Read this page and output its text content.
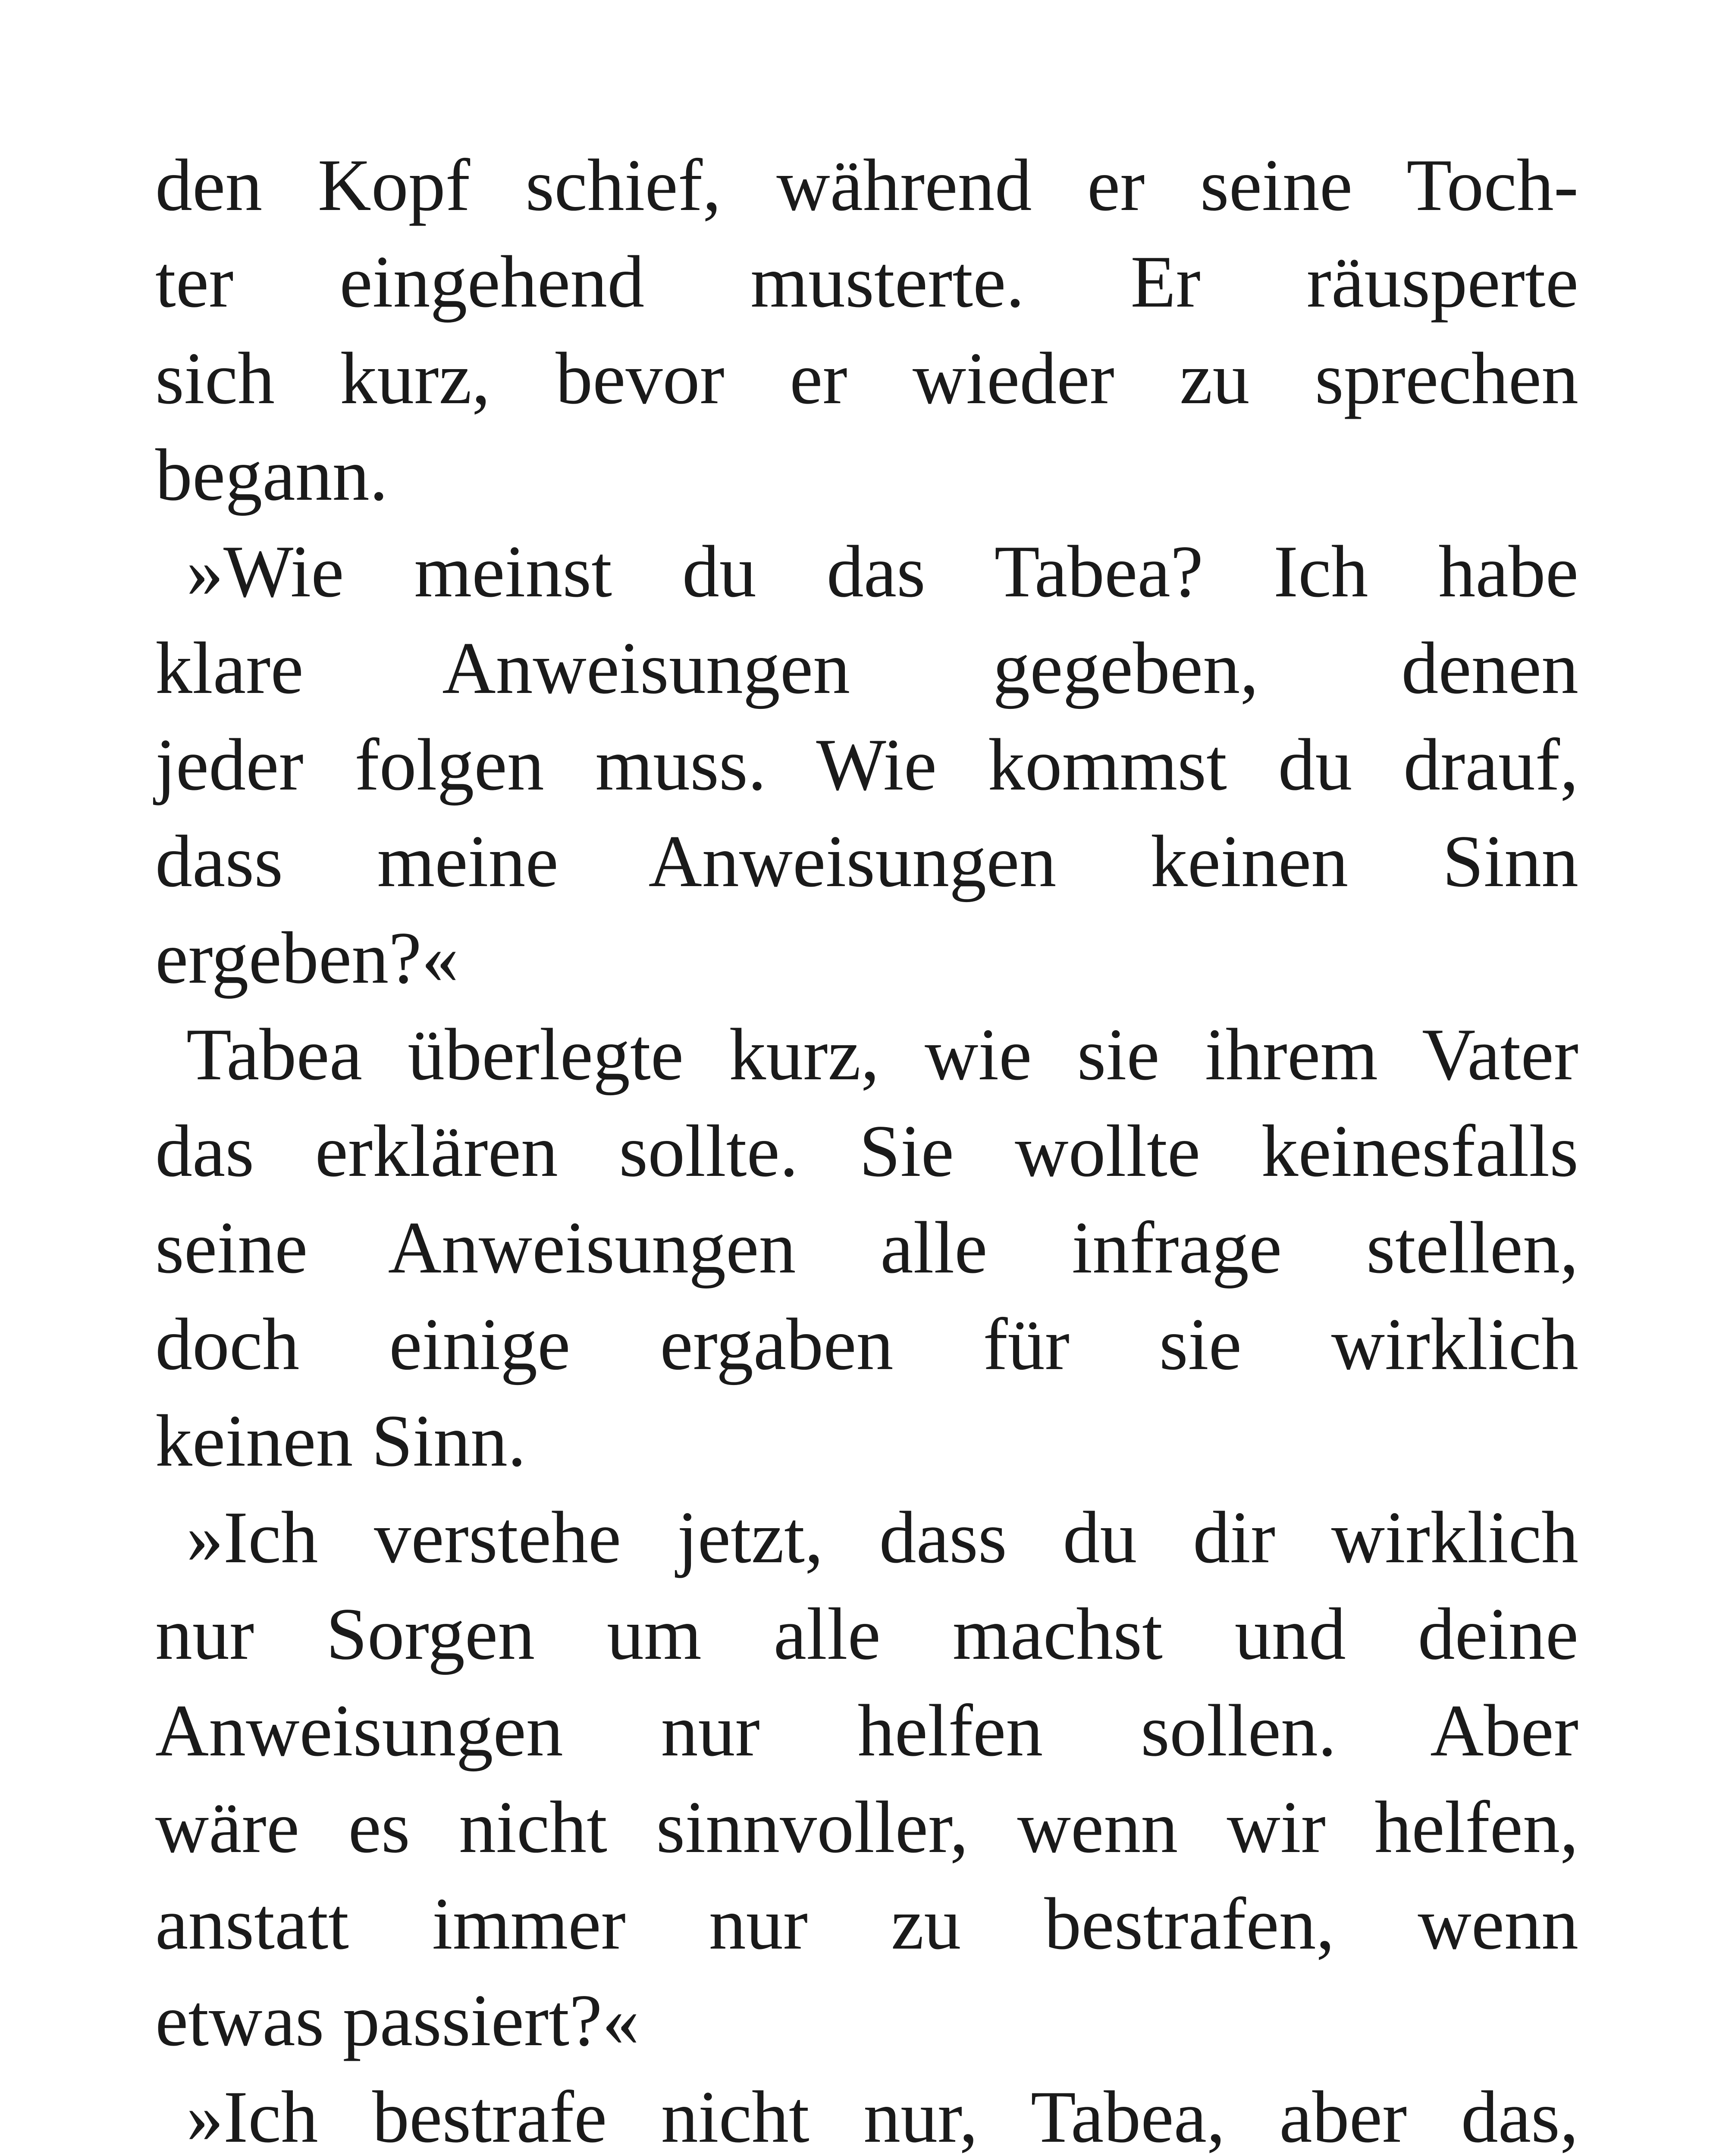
den Kopf schief, während er seine Toch-
ter eingehend musterte. Er räusperte
sich kurz, bevor er wieder zu sprechen
begann.
»Wie meinst du das Tabea? Ich habe
klare Anweisungen gegeben, denen
jeder folgen muss. Wie kommst du drauf,
dass meine Anweisungen keinen Sinn
ergeben?«
Tabea überlegte kurz, wie sie ihrem Vater
das erklären sollte. Sie wollte keinesfalls
seine Anweisungen alle infrage stellen,
doch einige ergaben für sie wirklich
keinen Sinn.
»Ich verstehe jetzt, dass du dir wirklich
nur Sorgen um alle machst und deine
Anweisungen nur helfen sollen. Aber
wäre es nicht sinnvoller, wenn wir helfen,
anstatt immer nur zu bestrafen, wenn
etwas passiert?«
»Ich bestrafe nicht nur, Tabea, aber das,
